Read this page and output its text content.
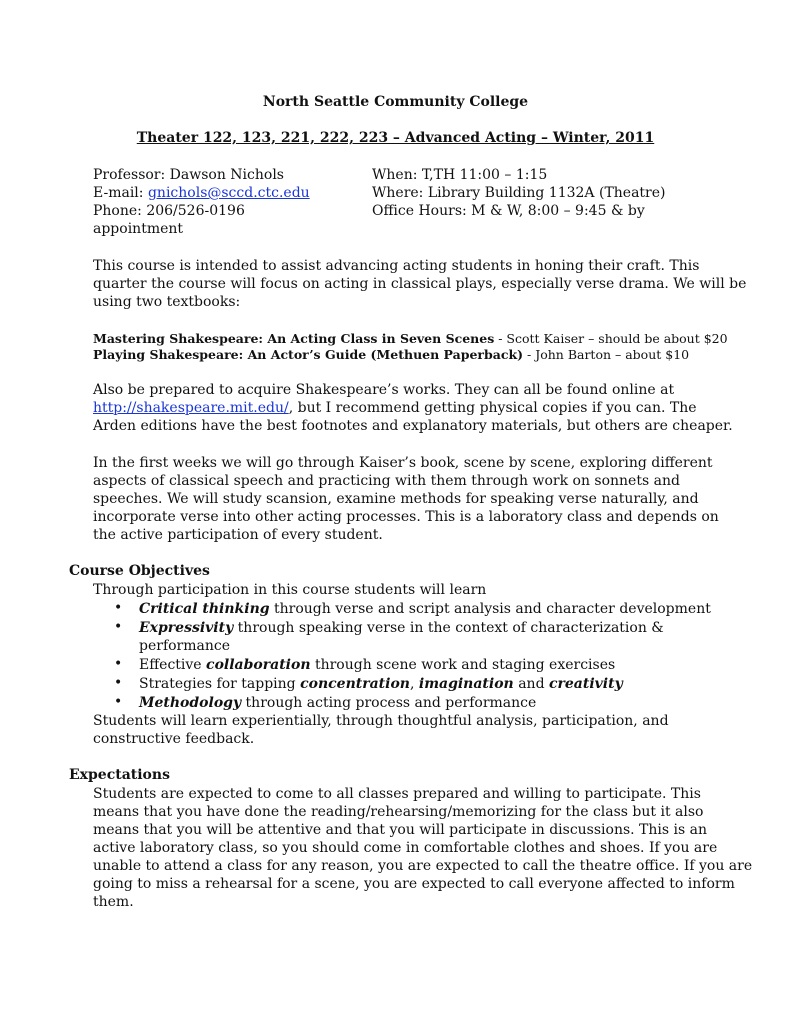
North Seattle Community College
Theater 122, 123, 221, 222, 223 – Advanced Acting – Winter, 2011
Professor: Dawson Nichols
E-mail: gnichols@sccd.ctc.edu
Phone: 206/526-0196
appointment
When: T,TH 11:00 – 1:15
Where: Library Building 1132A (Theatre)
Office Hours: M & W, 8:00 – 9:45 & by
This course is intended to assist advancing acting students in honing their craft. This
quarter the course will focus on acting in classical plays, especially verse drama. We will be
using two textbooks:
Mastering Shakespeare: An Acting Class in Seven Scenes - Scott Kaiser – should be about $20
Playing Shakespeare: An Actor’s Guide (Methuen Paperback) - John Barton – about $10
Also be prepared to acquire Shakespeare’s works. They can all be found online at
http://shakespeare.mit.edu/, but I recommend getting physical copies if you can. The
Arden editions have the best footnotes and explanatory materials, but others are cheaper.
In the first weeks we will go through Kaiser’s book, scene by scene, exploring different
aspects of classical speech and practicing with them through work on sonnets and
speeches. We will study scansion, examine methods for speaking verse naturally, and
incorporate verse into other acting processes. This is a laboratory class and depends on
the active participation of every student.
Course Objectives
Through participation in this course students will learn
• Critical thinking through verse and script analysis and character development
• Expressivity through speaking verse in the context of characterization &
performance
• Effective collaboration through scene work and staging exercises
• Strategies for tapping concentration, imagination and creativity
• Methodology through acting process and performance
Students will learn experientially, through thoughtful analysis, participation, and
constructive feedback.
Expectations
Students are expected to come to all classes prepared and willing to participate. This
means that you have done the reading/rehearsing/memorizing for the class but it also
means that you will be attentive and that you will participate in discussions. This is an
active laboratory class, so you should come in comfortable clothes and shoes. If you are
unable to attend a class for any reason, you are expected to call the theatre office. If you are
going to miss a rehearsal for a scene, you are expected to call everyone affected to inform
them.
